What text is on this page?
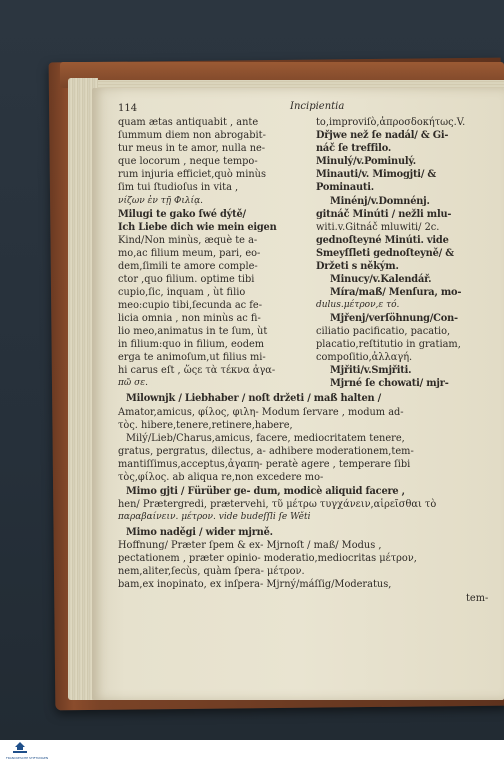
114	Incipientia
quam ætas antiquabit , ante
ſummum diem non abrogabit-
tur meus in te amor, nulla ne-
que locorum , neque tempo-
rum injuria efficiet,quò minùs
ſim tui ſtudioſus in vita ,
νίζων ἐν τῇ Φιλίᾳ.
Milugi te gako ſwé dýtě/
Ich Liebe dich wie mein eigen
Kind/Non minùs, æquè te a-
mo,ac filium meum, pari, eo-
dem,ſimili te amore comple-
ctor ,quo filium. optime tibi
cupio,ſic, inquam , ùt filio
meo:cupio tibi,ſecunda ac fe-
licia omnia , non minùs ac fi-
lio meo,animatus in te ſum, ùt
in filium:quo in filium, eodem
erga te animoſum,ut filius mi-
hi carus eſt , ὥςε τὰ τέκνα ἀγα-
πῶ σε.
to,improviſò,ἀπροσδοκήτως.V.
Dřjwe než ſe nadál/ & Gi-
náč ſe treffilo.
Minulý/v.Pominulý.
Minauti/v. Mimogjti/ &
Pominauti.
Minénj/v.Domnénj.
gitnáč Minúti / nežli mlu-
witi.v.Gitnáč mluwiti/ 2c.
gednoſteyné Minúti. vide
Smeyſſleti gednoſteyně/ &
Držeti s někým.
Minucy/v.Kalendář.
Míra/maß/ Menſura, mo-
dulus.μέτρον,ε τό.
Mjřenj/verſöhnung/Con-
ciliatio pacificatio, pacatio,
placatio,reſtitutio in gratiam,
compoſitio,ἀλλαγή.
Mjřiti/v.Smjřiti.
Mjrné ſe chowati/ mjr-
Milownjk / Liebhaber / noſt držeti / maß halten /
Amator,amicus, φίλος, φιλη- Modum ſervare , modum ad-
τὸς. hibere,tenere,retinere,habere,
Milý/Lieb/Charus,amicus, facere, mediocritatem tenere,
gratus, pergratus, dilectus, a- adhibere moderationem,tem-
mantiſſimus,acceptus,ἀγαπη- peratè agere , temperare ſibi
τὸς,φίλος. ab aliqua re,non excedere mo-
Mimo gjti / Fürüber ge- dum, modicè aliquid facere ,
hen/ Prætergredi, prætervehi, τῦ μέτρω τυγχάνειν,αἱρεῖσθαι τὸ
παραβαίνειν. μέτρον. vide budeſſli ſe Wěti
Mimo naděgi / wider mjrně.
Hoffnung/ Præter ſpem & ex- Mjrnoſt / maß/ Modus ,
pectationem , præter opinio- moderatio,mediocritas μέτρον,
nem,aliter,ſecùs, quàm ſpera- μέτρον.
bam,ex inopinato, ex inſpera- Mjrný/máſſig/Moderatus,
tem-
FRANCKESCHE STIFTUNGEN
